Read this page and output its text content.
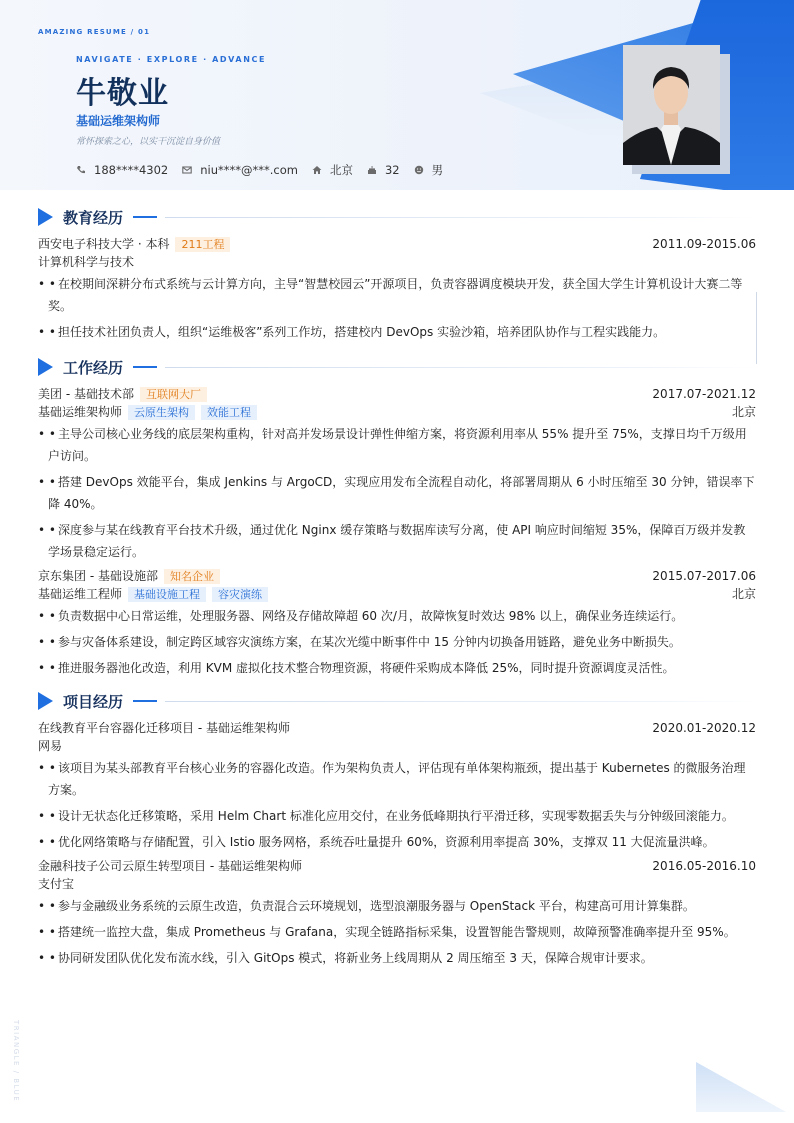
AMAZING RESUME / 01
NAVIGATE · EXPLORE · ADVANCE
牛敬业
基础运维架构师
常怀探索之心，以实干沉淀自身价值
188****4302	niu****@***.com	北京	32	男
教育经历
西安电子科技大学 · 本科	211工程	2011.09-2015.06
计算机科学与技术
• • 在校期间深耕分布式系统与云计算方向，主导“智慧校园云”开源项目，负责容器调度模块开发，获全国大学生计算机设计大赛二等奖。
• • 担任技术社团负责人，组织“运维极客”系列工作坊，搭建校内 DevOps 实验沙箱，培养团队协作与工程实践能力。
工作经历
美团 - 基础技术部	互联网大厂	2017.07-2021.12
基础运维架构师	云原生架构	效能工程	北京
• • 主导公司核心业务线的底层架构重构，针对高并发场景设计弹性伸缩方案，将资源利用率从 55% 提升至 75%，支撑日均千万级用户访问。
• • 搭建 DevOps 效能平台，集成 Jenkins 与 ArgoCD，实现应用发布全流程自动化，将部署周期从 6 小时压缩至 30 分钟，错误率下降 40%。
• • 深度参与某在线教育平台技术升级，通过优化 Nginx 缓存策略与数据库读写分离，使 API 响应时间缩短 35%，保障百万级并发教学场景稳定运行。
京东集团 - 基础设施部	知名企业	2015.07-2017.06
基础运维工程师	基础设施工程	容灾演练	北京
• • 负责数据中心日常运维，处理服务器、网络及存储故障超 60 次/月，故障恢复时效达 98% 以上，确保业务连续运行。
• • 参与灾备体系建设，制定跨区域容灾演练方案，在某次光缆中断事件中 15 分钟内切换备用链路，避免业务中断损失。
• • 推进服务器池化改造，利用 KVM 虚拟化技术整合物理资源，将硬件采购成本降低 25%，同时提升资源调度灵活性。
项目经历
在线教育平台容器化迁移项目 - 基础运维架构师	2020.01-2020.12
网易
• • 该项目为某头部教育平台核心业务的容器化改造。作为架构负责人，评估现有单体架构瓶颈，提出基于 Kubernetes 的微服务治理方案。
• • 设计无状态化迁移策略，采用 Helm Chart 标准化应用交付，在业务低峰期执行平滑迁移，实现零数据丢失与分钟级回滚能力。
• • 优化网络策略与存储配置，引入 Istio 服务网格，系统吞吐量提升 60%，资源利用率提高 30%，支撑双 11 大促流量洪峰。
金融科技子公司云原生转型项目 - 基础运维架构师	2016.05-2016.10
支付宝
• • 参与金融级业务系统的云原生改造，负责混合云环境规划，选型浪潮服务器与 OpenStack 平台，构建高可用计算集群。
• • 搭建统一监控大盘，集成 Prometheus 与 Grafana，实现全链路指标采集，设置智能告警规则，故障预警准确率提升至 95%。
• • 协同研发团队优化发布流水线，引入 GitOps 模式，将新业务上线周期从 2 周压缩至 3 天，保障合规审计要求。
TRIANGLE / BLUE
